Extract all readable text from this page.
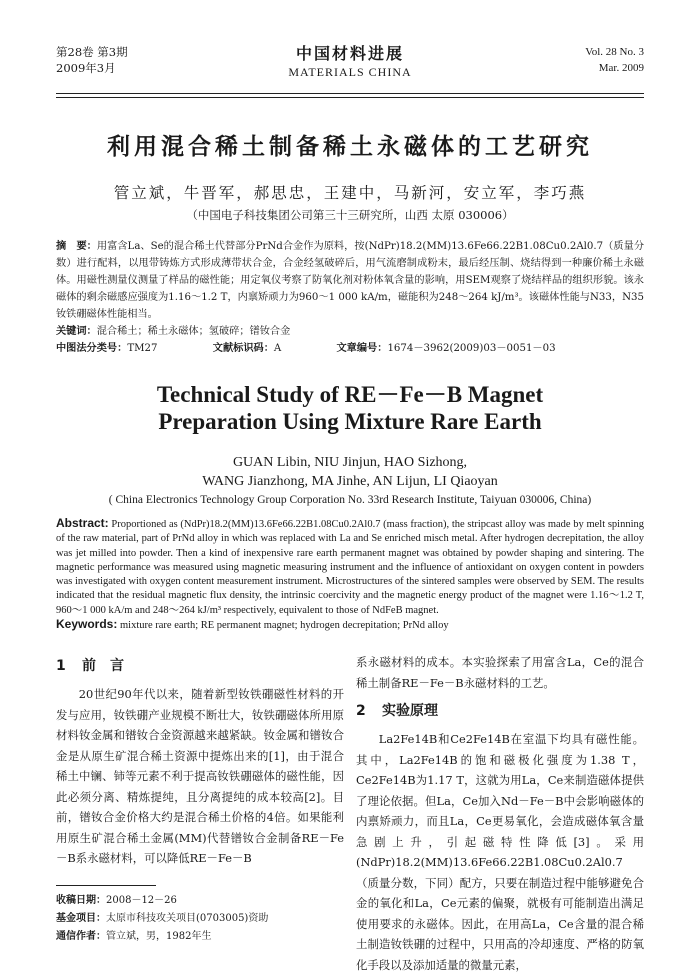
第28卷 第3期
2009年3月
中国材料进展
MATERIALS CHINA
Vol. 28 No. 3
Mar. 2009
利用混合稀土制备稀土永磁体的工艺研究
管立斌，牛晋军，郝思忠，王建中，马新河，安立军，李巧燕
（中国电子科技集团公司第三十三研究所，山西 太原 030006）
摘　要：用富含La、Se的混合稀土代替部分PrNd合金作为原料，按(NdPr)18.2(MM)13.6Fe66.22B1.08Cu0.2Al0.7（质量分数）进行配料，以甩带铸炼方式形成薄带状合金，合金经氢破碎后，用气流磨制成粉末，最后经压制、烧结得到一种廉价稀土永磁体。用磁性测量仪测量了样品的磁性能；用定氧仪考察了防氧化剂对粉体氧含量的影响，用SEM观察了烧结样品的组织形貌。该永磁体的剩余磁感应强度为1.16～1.2 T，内禀矫顽力为960～1 000 kA/m，磁能积为248～264 kJ/m³。该磁体性能与N33，N35钕铁硼磁体性能相当。
关键词：混合稀土；稀土永磁体；氢破碎；镨钕合金
中图法分类号：TM27	文献标识码：A	文章编号：1674－3962(2009)03－0051－03
Technical Study of RE－Fe－B Magnet
Preparation Using Mixture Rare Earth
GUAN Libin, NIU Jinjun, HAO Sizhong,
WANG Jianzhong, MA Jinhe, AN Lijun, LI Qiaoyan
( China Electronics Technology Group Corporation No. 33rd Research Institute, Taiyuan 030006, China)
Abstract: Proportioned as (NdPr)18.2(MM)13.6Fe66.22B1.08Cu0.2Al0.7 (mass fraction), the stripcast alloy was made by melt spinning of the raw material, part of PrNd alloy in which was replaced with La and Se enriched misch metal. After hydrogen decrepitation, the alloy was jet milled into powder. Then a kind of inexpensive rare earth permanent magnet was obtained by powder shaping and sintering. The magnetic performance was measured using magnetic measuring instrument and the influence of antioxidant on oxygen content in powders was investigated with oxygen content measurement instrument. Microstructures of the sintered samples were observed by SEM. The results indicated that the residual magnetic flux density, the intrinsic coercivity and the magnetic energy product of the magnet were 1.16～1.2 T, 960～1 000 kA/m and 248～264 kJ/m³ respectively, equivalent to those of NdFeB magnet.
Keywords: mixture rare earth; RE permanent magnet; hydrogen decrepitation; PrNd alloy
1 前　言

20世纪90年代以来，随着新型钕铁硼磁性材料的开发与应用，钕铁硼产业规模不断壮大，钕铁硼磁体所用原材料钕金属和镨钕合金资源越来越紧缺。钕金属和镨钕合金是从原生矿混合稀土资源中提炼出来的[1]，由于混合稀土中镧、铈等元素不利于提高钕铁硼磁体的磁性能，因此必须分离、精炼提纯，且分离提纯的成本较高[2]。目前，镨钕合金价格大约是混合稀土价格的4倍。如果能利用原生矿混合稀土金属(MM)代替镨钕合金制备RE－Fe－B系永磁材料，可以降低RE－Fe－B

系永磁材料的成本。本实验探索了用富含La，Ce的混合稀土制备RE－Fe－B永磁材料的工艺。

2 实验原理

La2Fe14B和Ce2Fe14B在室温下均具有磁性能。其中，La2Fe14B的饱和磁极化强度为1.38 T，Ce2Fe14B为1.17 T，这就为用La，Ce来制造磁体提供了理论依据。但La，Ce加入Nd－Fe－B中会影响磁体的内禀矫顽力，而且La，Ce更易氧化，会造成磁体氧含量急剧上升，引起磁特性降低[3]。采用(NdPr)18.2(MM)13.6Fe66.22B1.08Cu0.2Al0.7（质量分数，下同）配方，只要在制造过程中能够避免合金的氧化和La，Ce元素的偏聚，就极有可能制造出满足使用要求的永磁体。因此，在用高La，Ce含量的混合稀土制造钕铁硼的过程中，只用高的冷却速度、严格的防氧化手段以及添加适量的微量元素，

收稿日期：2008－12－26
基金项目：太原市科技攻关项目(0703005)资助
通信作者：管立斌，男，1982年生
